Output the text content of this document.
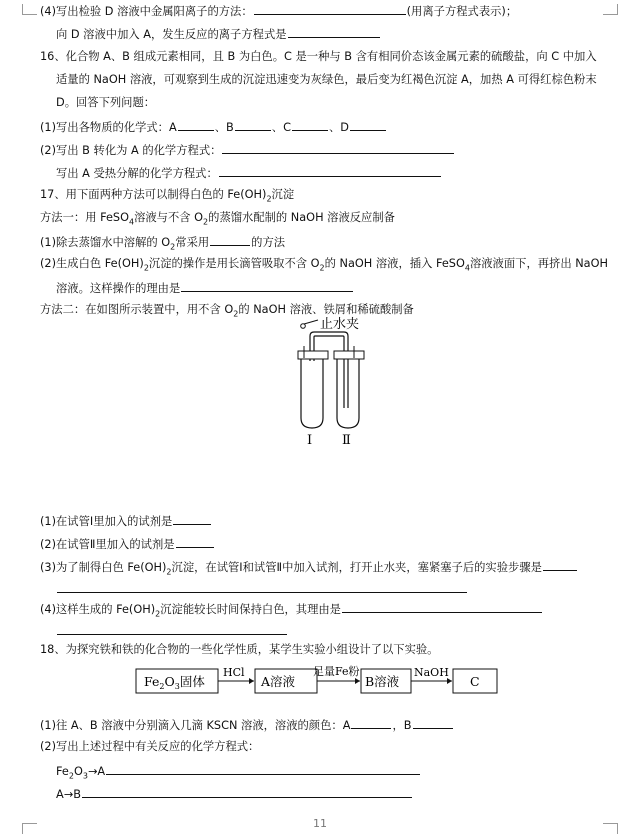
(4)写出检验 D 溶液中金属阳离子的方法：	(用离子方程式表示)；
向 D 溶液中加入 A，发生反应的离子方程式是
16、化合物 A、B 组成元素相同，且 B 为白色。C 是一种与 B 含有相同价态该金属元素的硫酸盐，向 C 中加入
适量的 NaOH 溶液，可观察到生成的沉淀迅速变为灰绿色，最后变为红褐色沉淀 A，加热 A 可得红棕色粉末
D。回答下列问题：
(1)写出各物质的化学式：A	、B	、C	、D
(2)写出 B 转化为 A 的化学方程式：
写出 A 受热分解的化学方程式：
17、用下面两种方法可以制得白色的 $Fe(OH)_2$沉淀
方法一：用 FeSO$_4$溶液与不含 $O_2$的蒸馏水配制的 NaOH 溶液反应制备
(1)除去蒸馏水中溶解的 $O_2$常采用	的方法
(2)生成白色 $Fe(OH)_2$沉淀的操作是用长滴管吸取不含 $O_2$的 NaOH 溶液，插入 FeSO$_4$溶液液面下，再挤出 NaOH
溶液。这样操作的理由是
方法二：在如图所示装置中，用不含 $O_2$的 NaOH 溶液、铁屑和稀硫酸制备
止水夹
Ⅰ Ⅱ
(1)在试管Ⅰ里加入的试剂是
(2)在试管Ⅱ里加入的试剂是
(3)为了制得白色 $Fe(OH)_2$沉淀，在试管Ⅰ和试管Ⅱ中加入试剂，打开止水夹，塞紧塞子后的实验步骤是
(4)这样生成的 $Fe(OH)_2$沉淀能较长时间保持白色，其理由是
18、为探究铁和铁的化合物的一些化学性质，某学生实验小组设计了以下实验。
$Fe_2O_3$固体
HCl
A溶液
足量Fe粉
B溶液
NaOH
C
(1)往 A、B 溶液中分别滴入几滴 KSCN 溶液，溶液的颜色：A	，B
(2)写出上述过程中有关反应的化学方程式：
$Fe_2O_3\to A$
A→B
11
